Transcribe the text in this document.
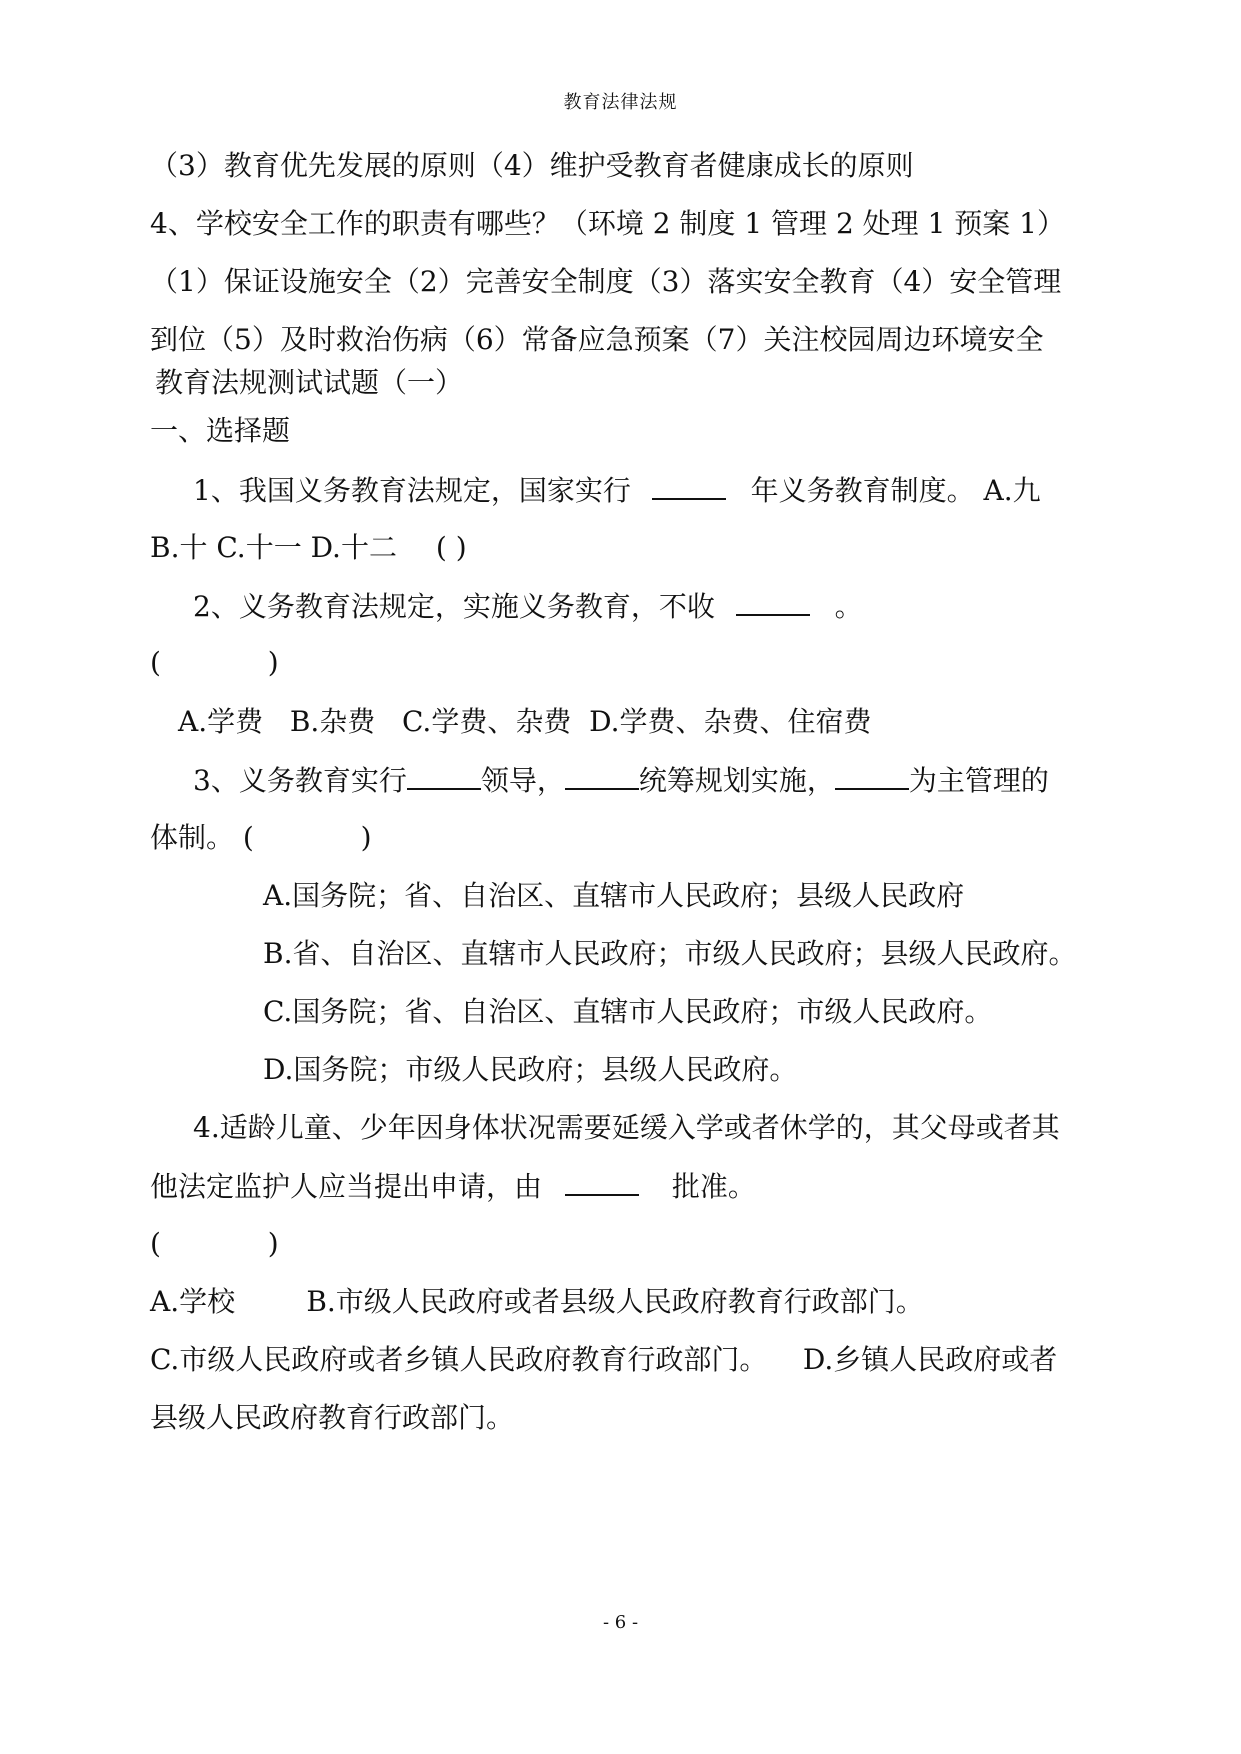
教育法律法规
（3）教育优先发展的原则（4）维护受教育者健康成长的原则
4、学校安全工作的职责有哪些？（环境 2 制度 1 管理 2 处理 1 预案 1）
（1）保证设施安全（2）完善安全制度（3）落实安全教育（4）安全管理
到位（5）及时救治伤病（6）常备应急预案（7）关注校园周边环境安全
教育法规测试试题（一）
一、选择题
1、我国义务教育法规定，国家实行	年义务教育制度。 A.九
B.十 C.十一 D.十二 ( )
2、义务教育法规定，实施义务教育，不收	。
(            )
A.学费   B.杂费   C.学费、杂费  D.学费、杂费、住宿费
3、义务教育实行	领导，	统筹规划实施，	为主管理的
体制。 (            )
A.国务院；省、自治区、直辖市人民政府；县级人民政府
B.省、自治区、直辖市人民政府；市级人民政府；县级人民政府。
C.国务院；省、自治区、直辖市人民政府；市级人民政府。
D.国务院；市级人民政府；县级人民政府。
4.适龄儿童、少年因身体状况需要延缓入学或者休学的，其父母或者其
他法定监护人应当提出申请，由	批准。
(            )
A.学校        B.市级人民政府或者县级人民政府教育行政部门。
C.市级人民政府或者乡镇人民政府教育行政部门。    D.乡镇人民政府或者
县级人民政府教育行政部门。
- 6 -
